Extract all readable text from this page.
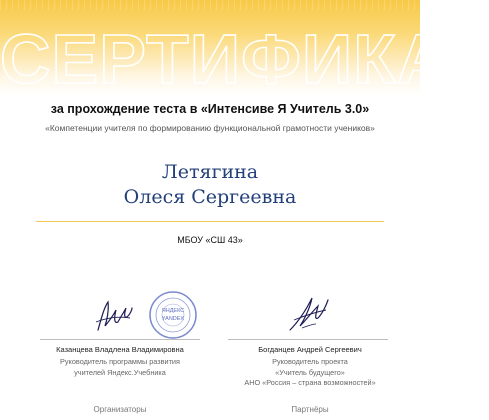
СЕРТИФИКАТ
за прохождение теста в «Интенсиве Я Учитель 3.0»
«Компетенции учителя по формированию функциональной грамотности учеников»
Летягина
Олеся Сергеевна
МБОУ «СШ 43»
ЯНДЕКС
YANDEX
Казанцева Владлена Владимировна
Руководитель программы развития
учителей Яндекс.Учебника
Организаторы
Богданцев Андрей Сергеевич
Руководитель проекта
«Учитель будущего»
АНО «Россия – страна возможностей»
Партнёры
